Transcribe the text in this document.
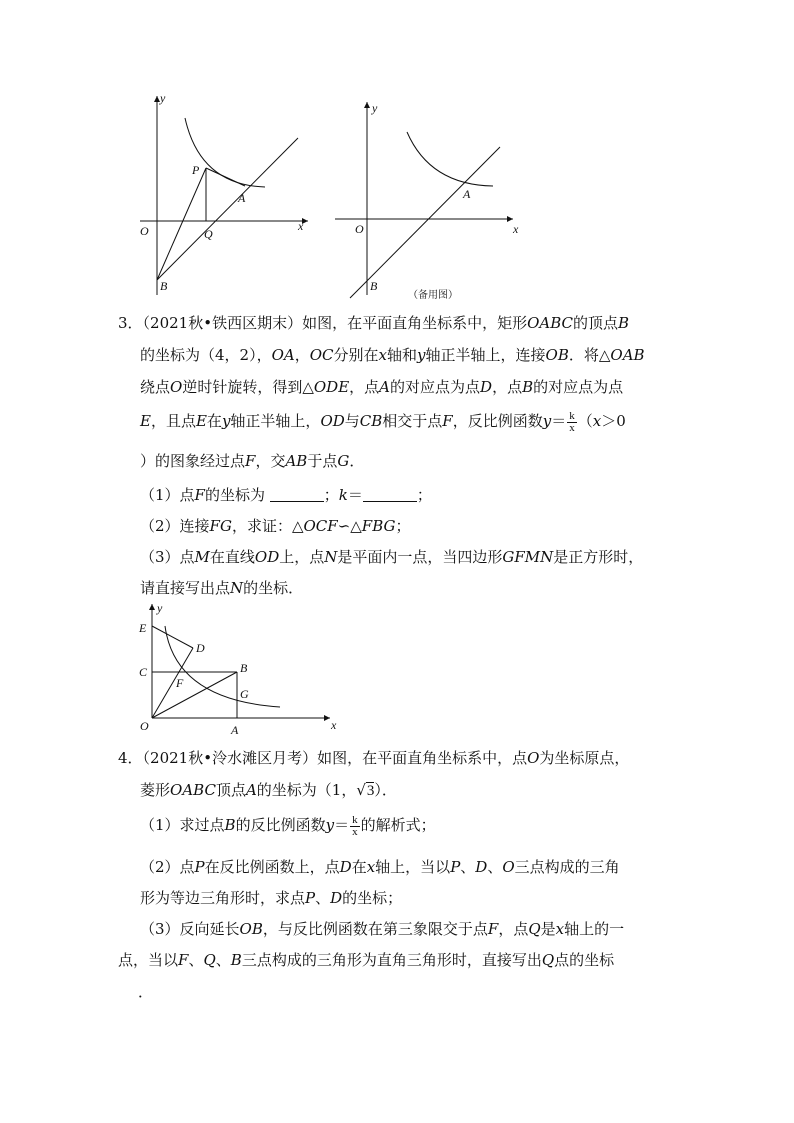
y
x
O
P
A
Q
B
y
x
O
A
B
（备用图）
3．（2021秋•铁西区期末）如图，在平面直角坐标系中，矩形OABC的顶点B
的坐标为（4，2），OA，OC分别在x轴和y轴正半轴上，连接OB．将△OAB
绕点O逆时针旋转，得到△ODE，点A的对应点为点D，点B的对应点为点
E，且点E在y轴正半轴上，OD与CB相交于点F，反比例函数$y= \frac{k}{x} (x>0$
）的图象经过点F，交AB于点G．
（1）点F的坐标为	；k＝	；
（2）连接FG，求证：△OCF∽△FBG；
（3）点M在直线OD上，点N是平面内一点，当四边形GFMN是正方形时，
请直接写出点N的坐标．
y
x
E
D
C	B
F
G
O	A
4．（2021秋•泠水滩区月考）如图，在平面直角坐标系中，点O为坐标原点，
菱形OABC顶点A的坐标为（1，√3）．
（1）求过点B的反比例函数$y= \frac{k}{x}$ 的解析式；
（2）点P在反比例函数上，点D在x轴上，当以P、D、O三点构成的三角
形为等边三角形时，求点P、D的坐标；
（3）反向延长OB，与反比例函数在第三象限交于点F，点Q是x轴上的一
点，当以F、Q、B三点构成的三角形为直角三角形时，直接写出Q点的坐标
．
